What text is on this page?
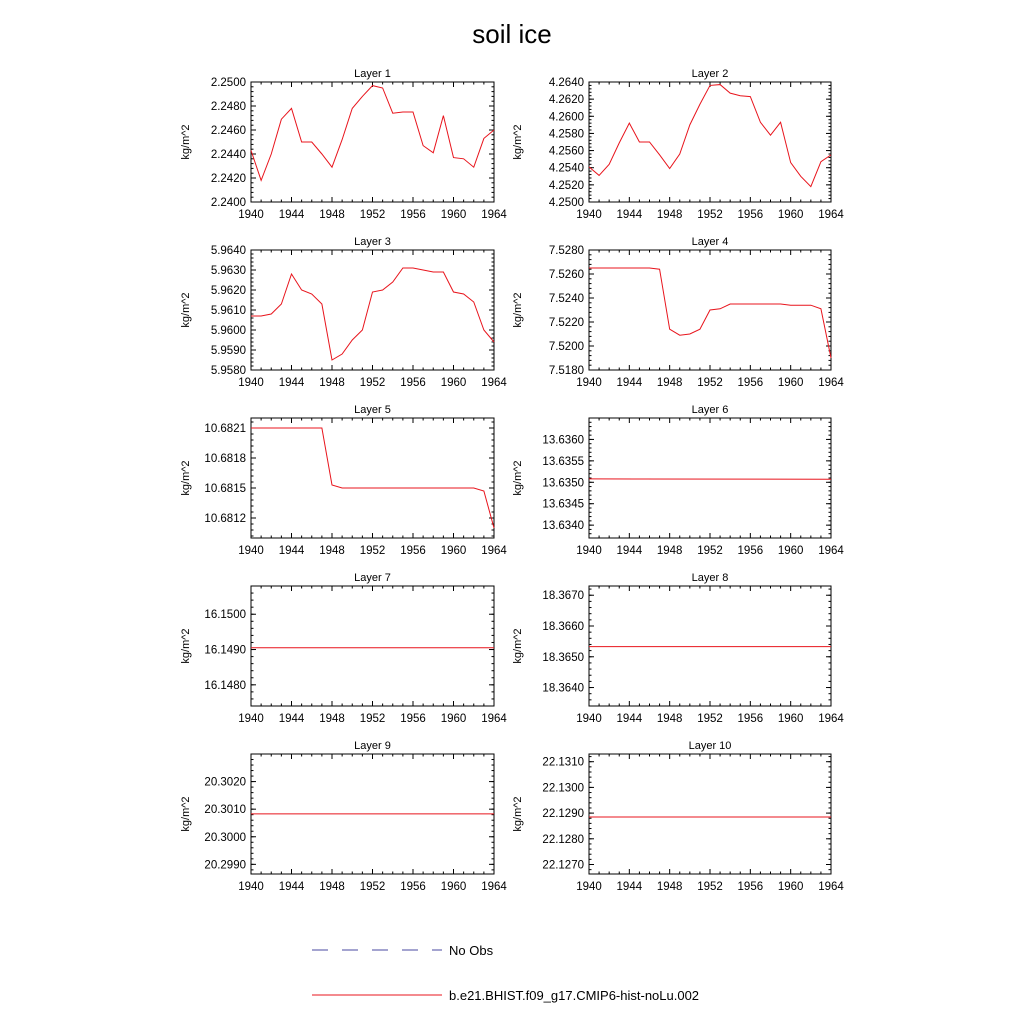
soil ice
Layer 1
kg/m^2
1940 1944 1948 1952 1956 1960 1964
2.2400
2.2420
2.2440
2.2460
2.2480
2.2500
Layer 2
kg/m^2
1940 1944 1948 1952 1956 1960 1964
4.2500
4.2520
4.2540
4.2560
4.2580
4.2600
4.2620
4.2640
Layer 3
kg/m^2
1940 1944 1948 1952 1956 1960 1964
5.9580
5.9590
5.9600
5.9610
5.9620
5.9630
5.9640
Layer 4
kg/m^2
1940 1944 1948 1952 1956 1960 1964
7.5180
7.5200
7.5220
7.5240
7.5260
7.5280
Layer 5
kg/m^2
1940 1944 1948 1952 1956 1960 1964
10.6812
10.6815
10.6818
10.6821
Layer 6
kg/m^2
1940 1944 1948 1952 1956 1960 1964
13.6340
13.6345
13.6350
13.6355
13.6360
Layer 7
kg/m^2
1940 1944 1948 1952 1956 1960 1964
16.1480
16.1490
16.1500
Layer 8
kg/m^2
1940 1944 1948 1952 1956 1960 1964
18.3640
18.3650
18.3660
18.3670
Layer 9
kg/m^2
1940 1944 1948 1952 1956 1960 1964
20.2990
20.3000
20.3010
20.3020
Layer 10
kg/m^2
1940 1944 1948 1952 1956 1960 1964
22.1270
22.1280
22.1290
22.1300
22.1310
No Obs
b.e21.BHIST.f09_g17.CMIP6-hist-noLu.002
